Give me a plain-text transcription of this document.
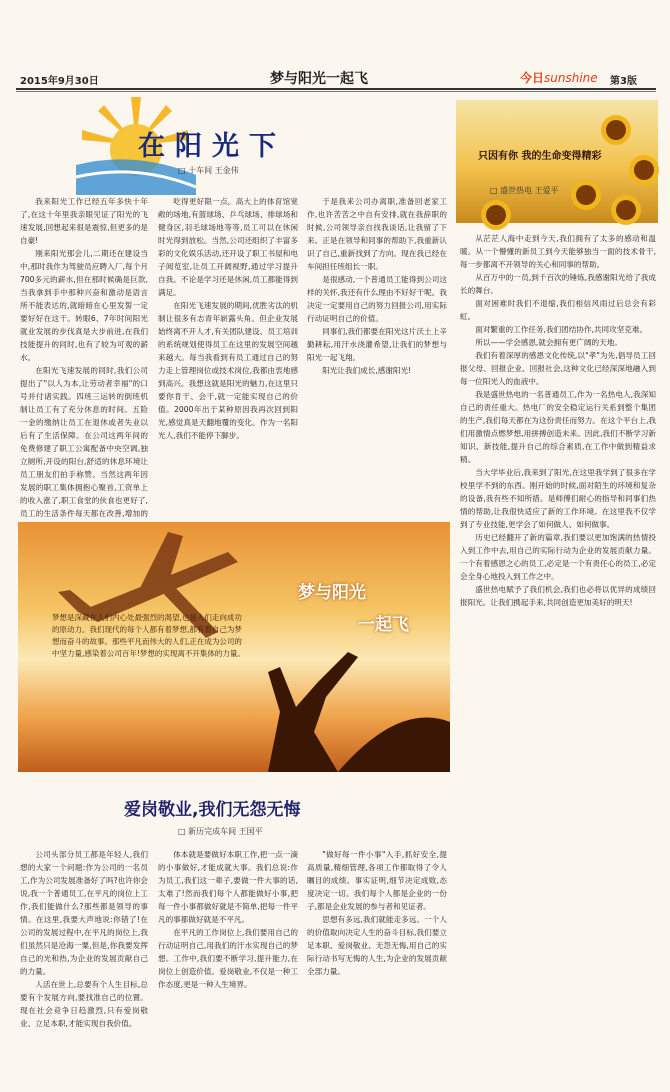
2015年9月30日	梦与阳光一起飞	今日sunshine 第3版
在阳光下
□ 十车间 王金伟

我来阳光工作已经五年多快十年了,在这十年里我亲眼见证了阳光的飞速发展,回想起来很是震惊,但更多的是自豪!

刚来阳光那会儿,二期还在建设当中,那时我作为驾驶员应聘入厂,每个月700多元的薪水,但在那时候确是巨款,当我拿到手中那种兴奋和激动是语言所不能表达的,就暗暗在心里发誓一定要好好在这干。转眼6、7年时间阳光就业发展的步伐真是大步前进,在我们技能提升的同时,也有了较为可观的薪水。

在阳光飞速发展的同时,我们公司提出了"以人为本,让劳动者幸福"的口号并付诸实践。四班三运转的倒班机制让员工有了充分休息的时间。五险一金的缴纳让员工在退休或者失业以后有了生活保障。在公司这两年间的免费修建了职工公寓配备中央空调,独立厕所,开设的阳台,舒适的休息环境让员工朋友们拍手称赞。当然这两年因发展的职工集体拥抱心聚首,工资单上的收入涨了,职工食堂的伙食也更好了,员工的生活条件每天都在改善,增加的

吃得更好限一点。高大上的体育馆宽敞的场地,有篮球场、乒乓球场、排球场和健身区,羽毛球场地等等,员工可以在休闲时光得到放松。当然,公司还组织了丰富多彩的文化娱乐活动,还开设了职工书屋和电子阅览室,让员工开阔视野,通过学习提升自我。不论是学习还是休闲,员工都能得到满足。

在阳光飞速发展的期间,优胜劣汰的机制让很多有志青年崭露头角。但企业发展始终离不开人才,有关团队建设、员工培训的系统规划使得员工在这里的发展空间越来越大。每当我看到有员工通过自己的努力走上管理岗位或技术岗位,我都由衷地感到高兴。我想这就是阳光的魅力,在这里只要你肯干、会干,就一定能实现自己的价值。2000年出于某种原因我再次回到阳光,感觉真是天翻地覆的变化。作为一名阳光人,我们不能停下脚步。

于是我来公司办离职,准备回老家工作,也许苦苦之中自有安排,就在我辞职的时候,公司领导亲自找我谈话,让我留了下来。正是在领导和同事的帮助下,我重新认识了自己,重新找到了方向。现在我已经在车间担任班组长一职。

是很感动,一个普通员工能得到公司这样的关怀,我还有什么理由不好好干呢。我决定一定要用自己的努力回报公司,用实际行动证明自己的价值。

同事们,我们都要在阳光这片沃土上辛勤耕耘,用汗水浇灌希望,让我们的梦想与阳光一起飞翔。

阳光让我们成长,感谢阳光!

只因有你 我的生命变得精彩
□ 盛世热电 王爱平

从茫茫人海中走到今天,我们拥有了太多的感动和温暖。从一个懵懂的新员工到今天能够独当一面的技术骨干,每一步都离不开领导的关心和同事的帮助。

从百万中的一员,到千百次的锤炼,我感谢阳光给了我成长的舞台。

面对困难时我们不退缩,我们相信风雨过后总会有彩虹。

面对繁重的工作任务,我们团结协作,共同攻坚克难。

所以——学会感恩,就会拥有更广阔的天地。

我们有着深厚的感恩文化传统,以"孝"为先,倡导员工回报父母、回报企业、回报社会,这种文化已经深深地融入到每一位阳光人的血液中。

我是盛世热电的一名普通员工,作为一名热电人,我深知自己的责任重大。热电厂的安全稳定运行关系到整个集团的生产,我们每天都在为这份责任而努力。在这个平台上,我们用激情点燃梦想,用拼搏创造未来。因此,我们不断学习新知识、新技能,提升自己的综合素质,在工作中做到精益求精。

当大学毕业后,我来到了阳光,在这里我学到了很多在学校里学不到的东西。刚开始的时候,面对陌生的环境和复杂的设备,我有些不知所措。是师傅们耐心的指导和同事们热情的帮助,让我很快适应了新的工作环境。在这里我不仅学到了专业技能,更学会了如何做人、如何做事。

历史已经翻开了新的篇章,我们要以更加饱满的热情投入到工作中去,用自己的实际行动为企业的发展贡献力量。一个有着感恩之心的员工,必定是一个有责任心的员工,必定会全身心地投入到工作之中。

盛世热电赋予了我们机会,我们也必将以优异的成绩回报阳光。让我们携起手来,共同创造更加美好的明天!

梦与阳光
一起飞
梦想是深藏在人们内心处最强烈的渴望,也是人们走向成功的原动力。我们现代的每个人都有着梦想,都有着自己为梦想而奋斗的故事。那些平凡而伟大的人们,正在成为公司的中坚力量,感染着公司百年!梦想的实现离不开集体的力量。
爱岗敬业,我们无怨无悔
□ 新历完成车间 王国平

公司头部分员工都是年轻人,我们想的大家一个问题:作为公司的一名员工,作为公司发展准备好了吗?也许你会说,我一个普通员工,在平凡的岗位上工作,我们能做什么?那些都是领导的事情。在这里,我要大声地说:你错了!在公司的发展过程中,在平凡的岗位上,我们虽然只是沧海一粟,但是,你我要发挥自己的光和热,为企业的发展贡献自己的力量。

人活在世上,总要有个人生目标,总要有个发展方向,要找准自己的位置。现在社会竞争日趋激烈,只有爱岗敬业、立足本职,才能实现自我价值。

体本就是要做好本职工作,把一点一滴的小事做好,才能成就大事。我们总说:作为员工,我们这一辈子,要做一件大事的话,太难了!然而我们每个人都能做好小事,把每一件小事都做好就是不简单,把每一件平凡的事都做好就是不平凡。

在平凡的工作岗位上,我们要用自己的行动证明自己,用我们的汗水实现自己的梦想。工作中,我们要不断学习,提升能力,在岗位上创造价值。爱岗敬业,不仅是一种工作态度,更是一种人生境界。

"做好每一件小事"入手,抓好安全,提高质量,精细管理,各项工作都取得了令人瞩目的成绩。事实证明,细节决定成败,态度决定一切。我们每个人都是企业的一份子,都是企业发展的参与者和见证者。

思想有多远,我们就能走多远。一个人的价值取向决定人生的奋斗目标,我们要立足本职、爱岗敬业、无怨无悔,用自己的实际行动书写无悔的人生,为企业的发展贡献全部力量。
